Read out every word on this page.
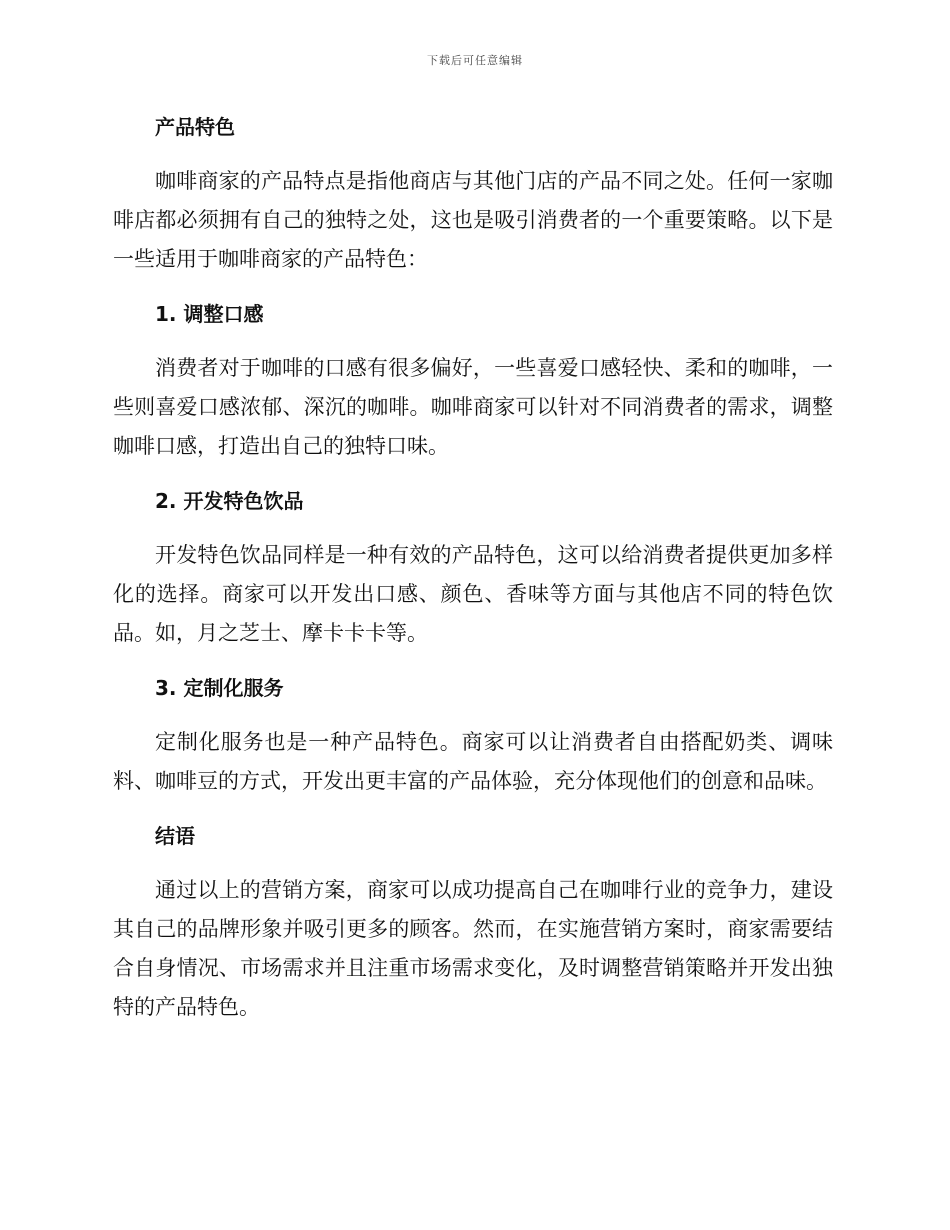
下载后可任意编辑
产品特色

咖啡商家的产品特点是指他商店与其他门店的产品不同之处。任何一家咖啡店都必须拥有自己的独特之处，这也是吸引消费者的一个重要策略。以下是一些适用于咖啡商家的产品特色：

1. 调整口感

消费者对于咖啡的口感有很多偏好，一些喜爱口感轻快、柔和的咖啡，一些则喜爱口感浓郁、深沉的咖啡。咖啡商家可以针对不同消费者的需求，调整咖啡口感，打造出自己的独特口味。

2. 开发特色饮品

开发特色饮品同样是一种有效的产品特色，这可以给消费者提供更加多样化的选择。商家可以开发出口感、颜色、香味等方面与其他店不同的特色饮品。如，月之芝士、摩卡卡卡等。

3. 定制化服务

定制化服务也是一种产品特色。商家可以让消费者自由搭配奶类、调味料、咖啡豆的方式，开发出更丰富的产品体验，充分体现他们的创意和品味。

结语

通过以上的营销方案，商家可以成功提高自己在咖啡行业的竞争力，建设其自己的品牌形象并吸引更多的顾客。然而，在实施营销方案时，商家需要结合自身情况、市场需求并且注重市场需求变化，及时调整营销策略并开发出独特的产品特色。
